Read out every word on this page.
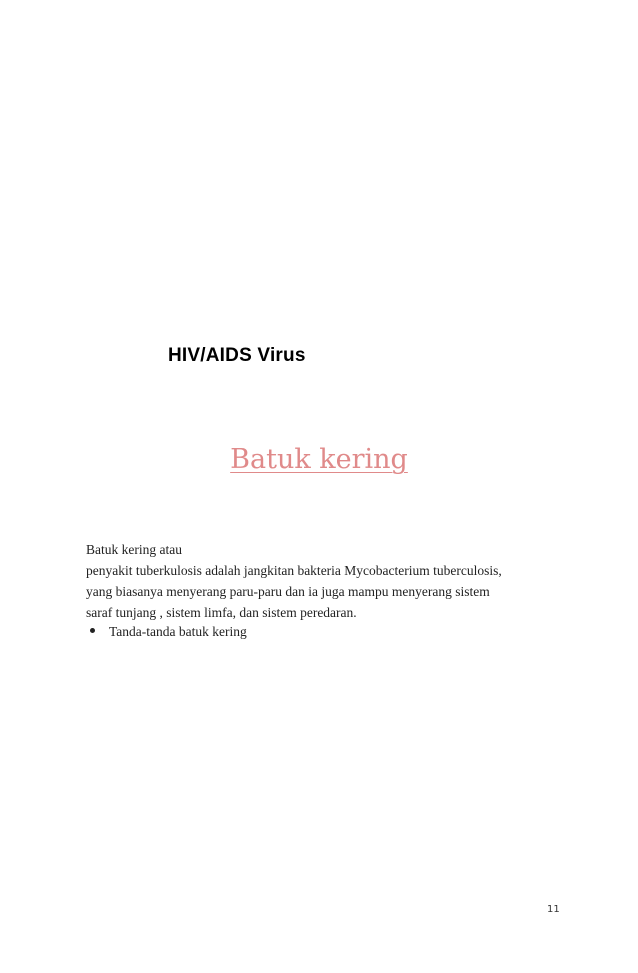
HIV/AIDS Virus
Batuk kering

Batuk kering atau

penyakit tuberkulosis adalah jangkitan bakteria Mycobacterium tuberculosis,

yang biasanya menyerang paru-paru dan ia juga mampu menyerang sistem

saraf tunjang , sistem limfa, dan sistem peredaran.

Tanda-tanda batuk kering
11
